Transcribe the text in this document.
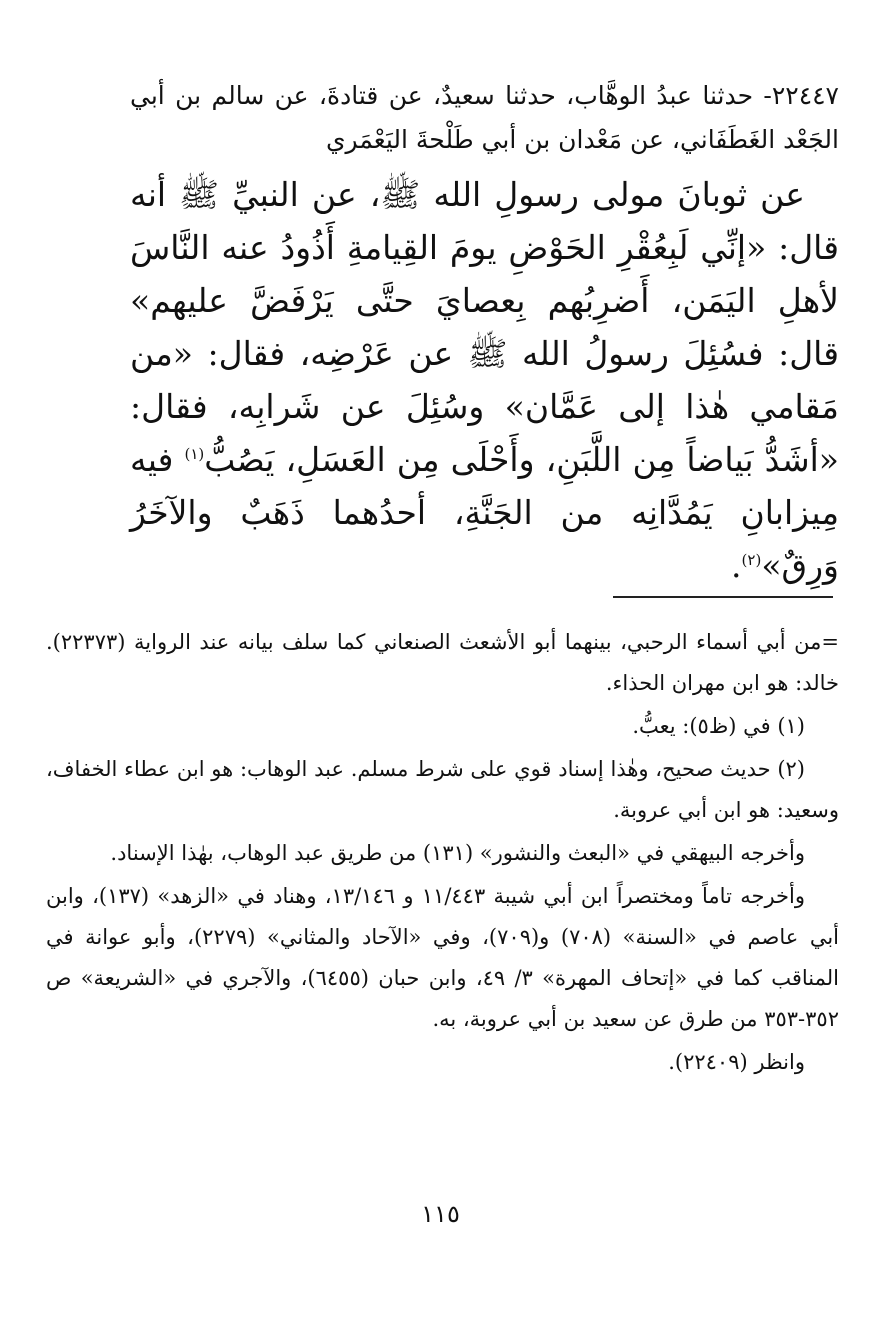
٢٢٤٤٧- حدثنا عبدُ الوهَّاب، حدثنا سعيدٌ، عن قتادةَ، عن سالم بن أبي الجَعْد الغَطَفَاني، عن مَعْدان بن أبي طَلْحةَ اليَعْمَري

عن ثوبانَ مولى رسولِ الله ﷺ، عن النبيِّ ﷺ أنه قال: «إنِّي لَبِعُقْرِ الحَوْضِ يومَ القِيامةِ أَذُودُ عنه النَّاسَ لأهلِ اليَمَن، أَضرِبُهم بِعصايَ حتَّى يَرْفَضَّ عليهم» قال: فسُئِلَ رسولُ الله ﷺ عن عَرْضِه، فقال: «من مَقامي هٰذا إلى عَمَّان» وسُئِلَ عن شَرابِه، فقال: «أشَدُّ بَياضاً مِن اللَّبَنِ، وأَحْلَى مِن العَسَلِ، يَصُبُّ$^{(١)}$ فيه مِيزابانِ يَمُدَّانِه من الجَنَّةِ، أحدُهما ذَهَبٌ والآخَرُ وَرِقٌ»$^{(٢)}$.

=من أبي أسماء الرحبي، بينهما أبو الأشعث الصنعاني كما سلف بيانه عند الرواية (٢٢٣٧٣). خالد: هو ابن مهران الحذاء.

(١) في (ظ٥): يعبُّ.

(٢) حديث صحيح، وهٰذا إسناد قوي على شرط مسلم. عبد الوهاب: هو ابن عطاء الخفاف، وسعيد: هو ابن أبي عروبة.

وأخرجه البيهقي في «البعث والنشور» (١٣١) من طريق عبد الوهاب، بهٰذا الإسناد.

وأخرجه تاماً ومختصراً ابن أبي شيبة ١١/٤٤٣ و ١٣/١٤٦، وهناد في «الزهد» (١٣٧)، وابن أبي عاصم في «السنة» (٧٠٨) و(٧٠٩)، وفي «الآحاد والمثاني» (٢٢٧٩)، وأبو عوانة في المناقب كما في «إتحاف المهرة» ٣/ ٤٩، وابن حبان (٦٤٥٥)، والآجري في «الشريعة» ص ٣٥٢-٣٥٣ من طرق عن سعيد بن أبي عروبة، به.

وانظر (٢٢٤٠٩).

١١٥
